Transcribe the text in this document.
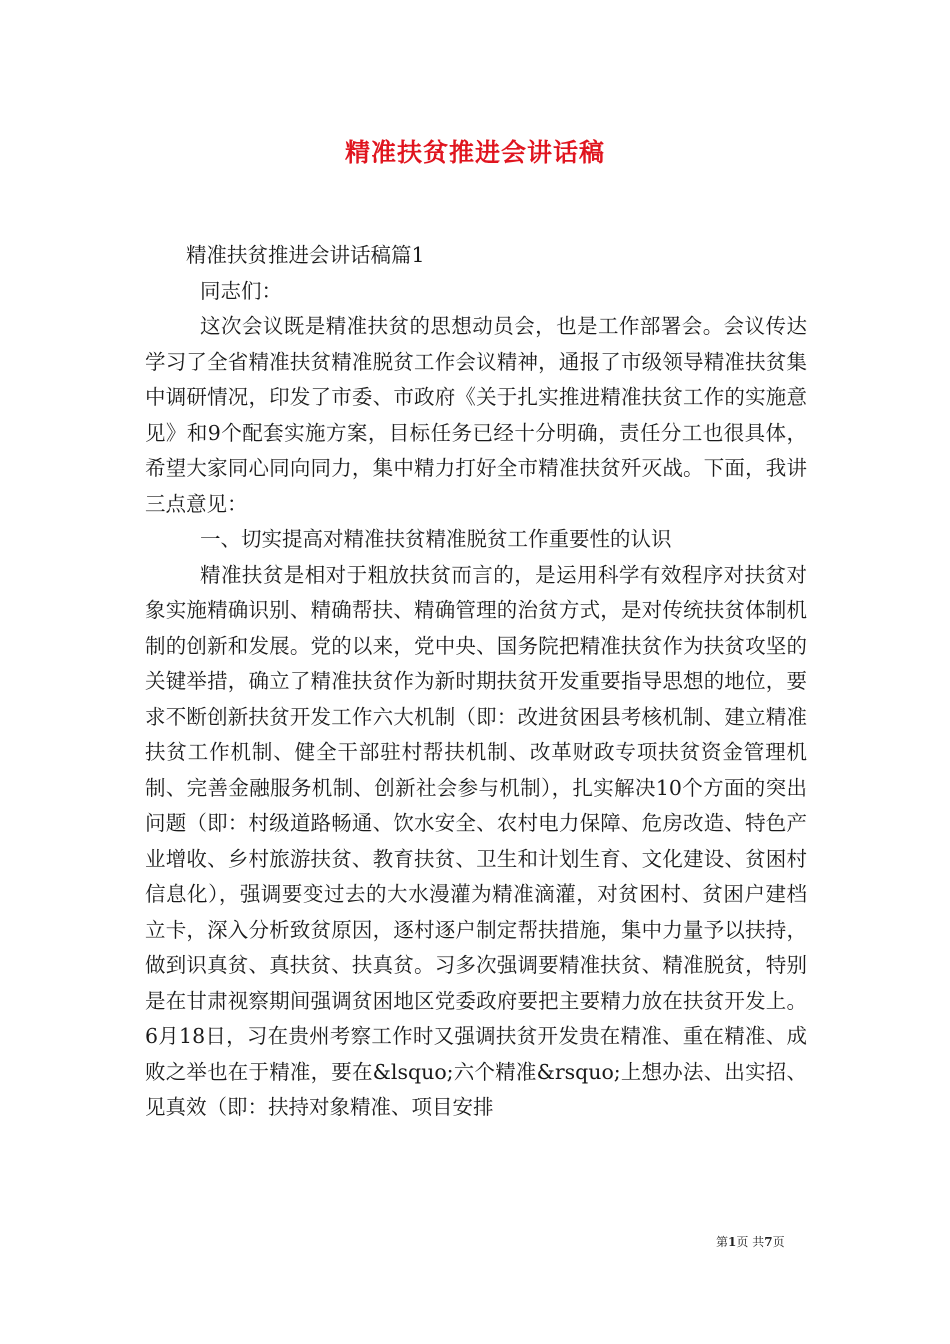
精准扶贫推进会讲话稿

精准扶贫推进会讲话稿篇1

同志们：

这次会议既是精准扶贫的思想动员会，也是工作部署会。会议传达学习了全省精准扶贫精准脱贫工作会议精神，通报了市级领导精准扶贫集中调研情况，印发了市委、市政府《关于扎实推进精准扶贫工作的实施意见》和9个配套实施方案，目标任务已经十分明确，责任分工也很具体，希望大家同心同向同力，集中精力打好全市精准扶贫歼灭战。下面，我讲三点意见：

一、切实提高对精准扶贫精准脱贫工作重要性的认识

精准扶贫是相对于粗放扶贫而言的，是运用科学有效程序对扶贫对象实施精确识别、精确帮扶、精确管理的治贫方式，是对传统扶贫体制机制的创新和发展。党的以来，党中央、国务院把精准扶贫作为扶贫攻坚的关键举措，确立了精准扶贫作为新时期扶贫开发重要指导思想的地位，要求不断创新扶贫开发工作六大机制（即：改进贫困县考核机制、建立精准扶贫工作机制、健全干部驻村帮扶机制、改革财政专项扶贫资金管理机制、完善金融服务机制、创新社会参与机制），扎实解决10个方面的突出问题（即：村级道路畅通、饮水安全、农村电力保障、危房改造、特色产业增收、乡村旅游扶贫、教育扶贫、卫生和计划生育、文化建设、贫困村信息化），强调要变过去的大水漫灌为精准滴灌，对贫困村、贫困户建档立卡，深入分析致贫原因，逐村逐户制定帮扶措施，集中力量予以扶持，做到识真贫、真扶贫、扶真贫。习多次强调要精准扶贫、精准脱贫，特别是在甘肃视察期间强调贫困地区党委政府要把主要精力放在扶贫开发上。6月18日，习在贵州考察工作时又强调扶贫开发贵在精准、重在精准、成败之举也在于精准，要在&lsquo;六个精准&rsquo;上想办法、出实招、见真效（即：扶持对象精准、项目安排

第1页 共7页
